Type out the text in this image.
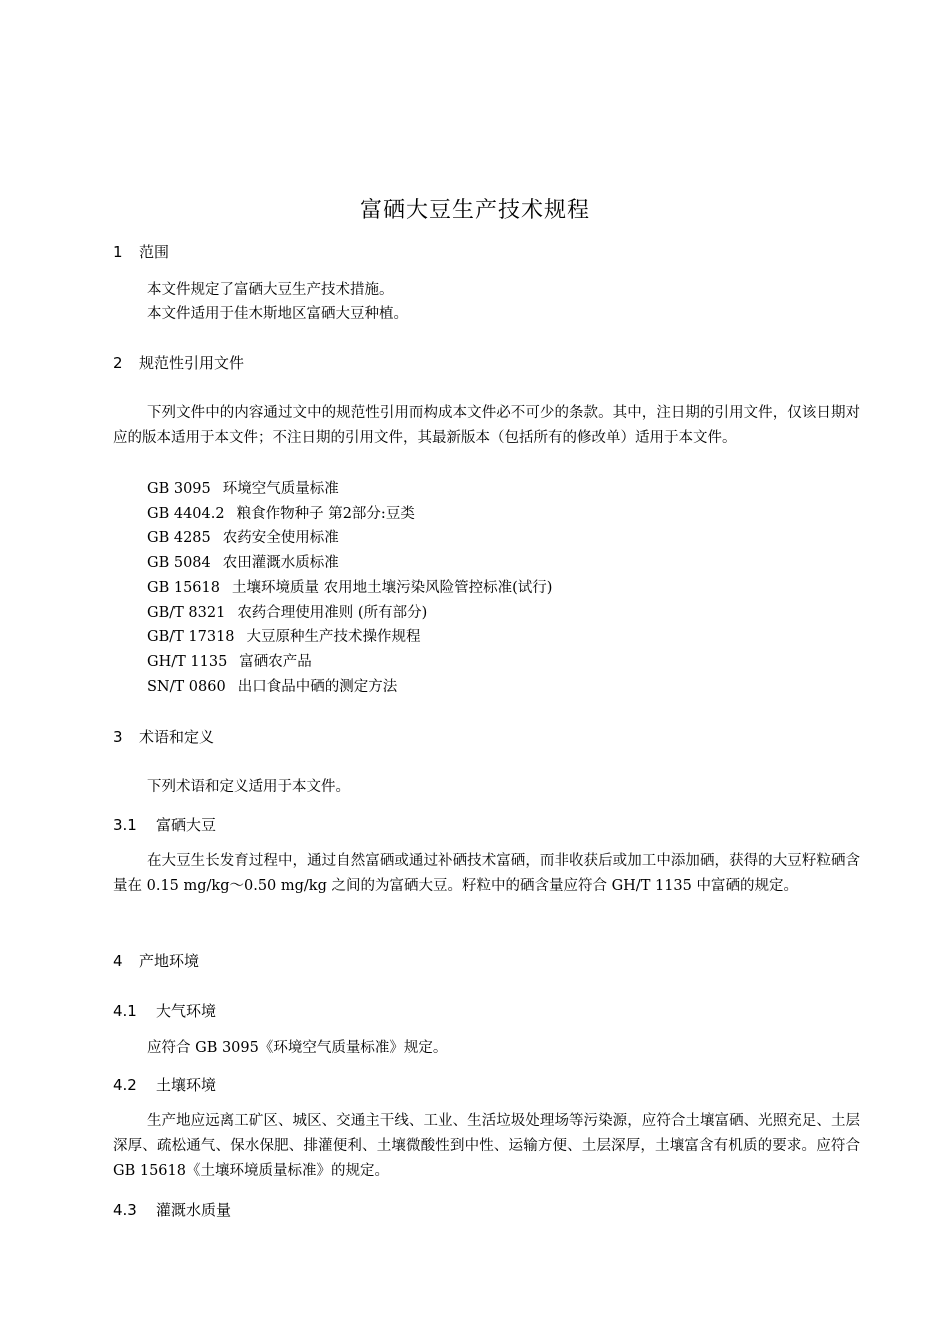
富硒大豆生产技术规程
1 范围
本文件规定了富硒大豆生产技术措施。
本文件适用于佳木斯地区富硒大豆种植。
2 规范性引用文件
下列文件中的内容通过文中的规范性引用而构成本文件必不可少的条款。其中，注日期的引用文件，仅该日期对应的版本适用于本文件；不注日期的引用文件，其最新版本（包括所有的修改单）适用于本文件。
GB 3095 环境空气质量标准
GB 4404.2 粮食作物种子 第2部分:豆类
GB 4285 农药安全使用标准
GB 5084 农田灌溉水质标准
GB 15618 土壤环境质量 农用地土壤污染风险管控标准(试行)
GB/T 8321 农药合理使用准则 (所有部分)
GB/T 17318 大豆原种生产技术操作规程
GH/T 1135 富硒农产品
SN/T 0860 出口食品中硒的测定方法
3 术语和定义
下列术语和定义适用于本文件。
3.1 富硒大豆
在大豆生长发育过程中，通过自然富硒或通过补硒技术富硒，而非收获后或加工中添加硒，获得的大豆籽粒硒含量在 0.15 mg/kg～0.50 mg/kg 之间的为富硒大豆。籽粒中的硒含量应符合 GH/T 1135 中富硒的规定。
4 产地环境
4.1 大气环境
应符合 GB 3095《环境空气质量标准》规定。
4.2 土壤环境
生产地应远离工矿区、城区、交通主干线、工业、生活垃圾处理场等污染源，应符合土壤富硒、光照充足、土层深厚、疏松通气、保水保肥、排灌便利、土壤微酸性到中性、运输方便、土层深厚，土壤富含有机质的要求。应符合 GB 15618《土壤环境质量标准》的规定。
4.3 灌溉水质量
